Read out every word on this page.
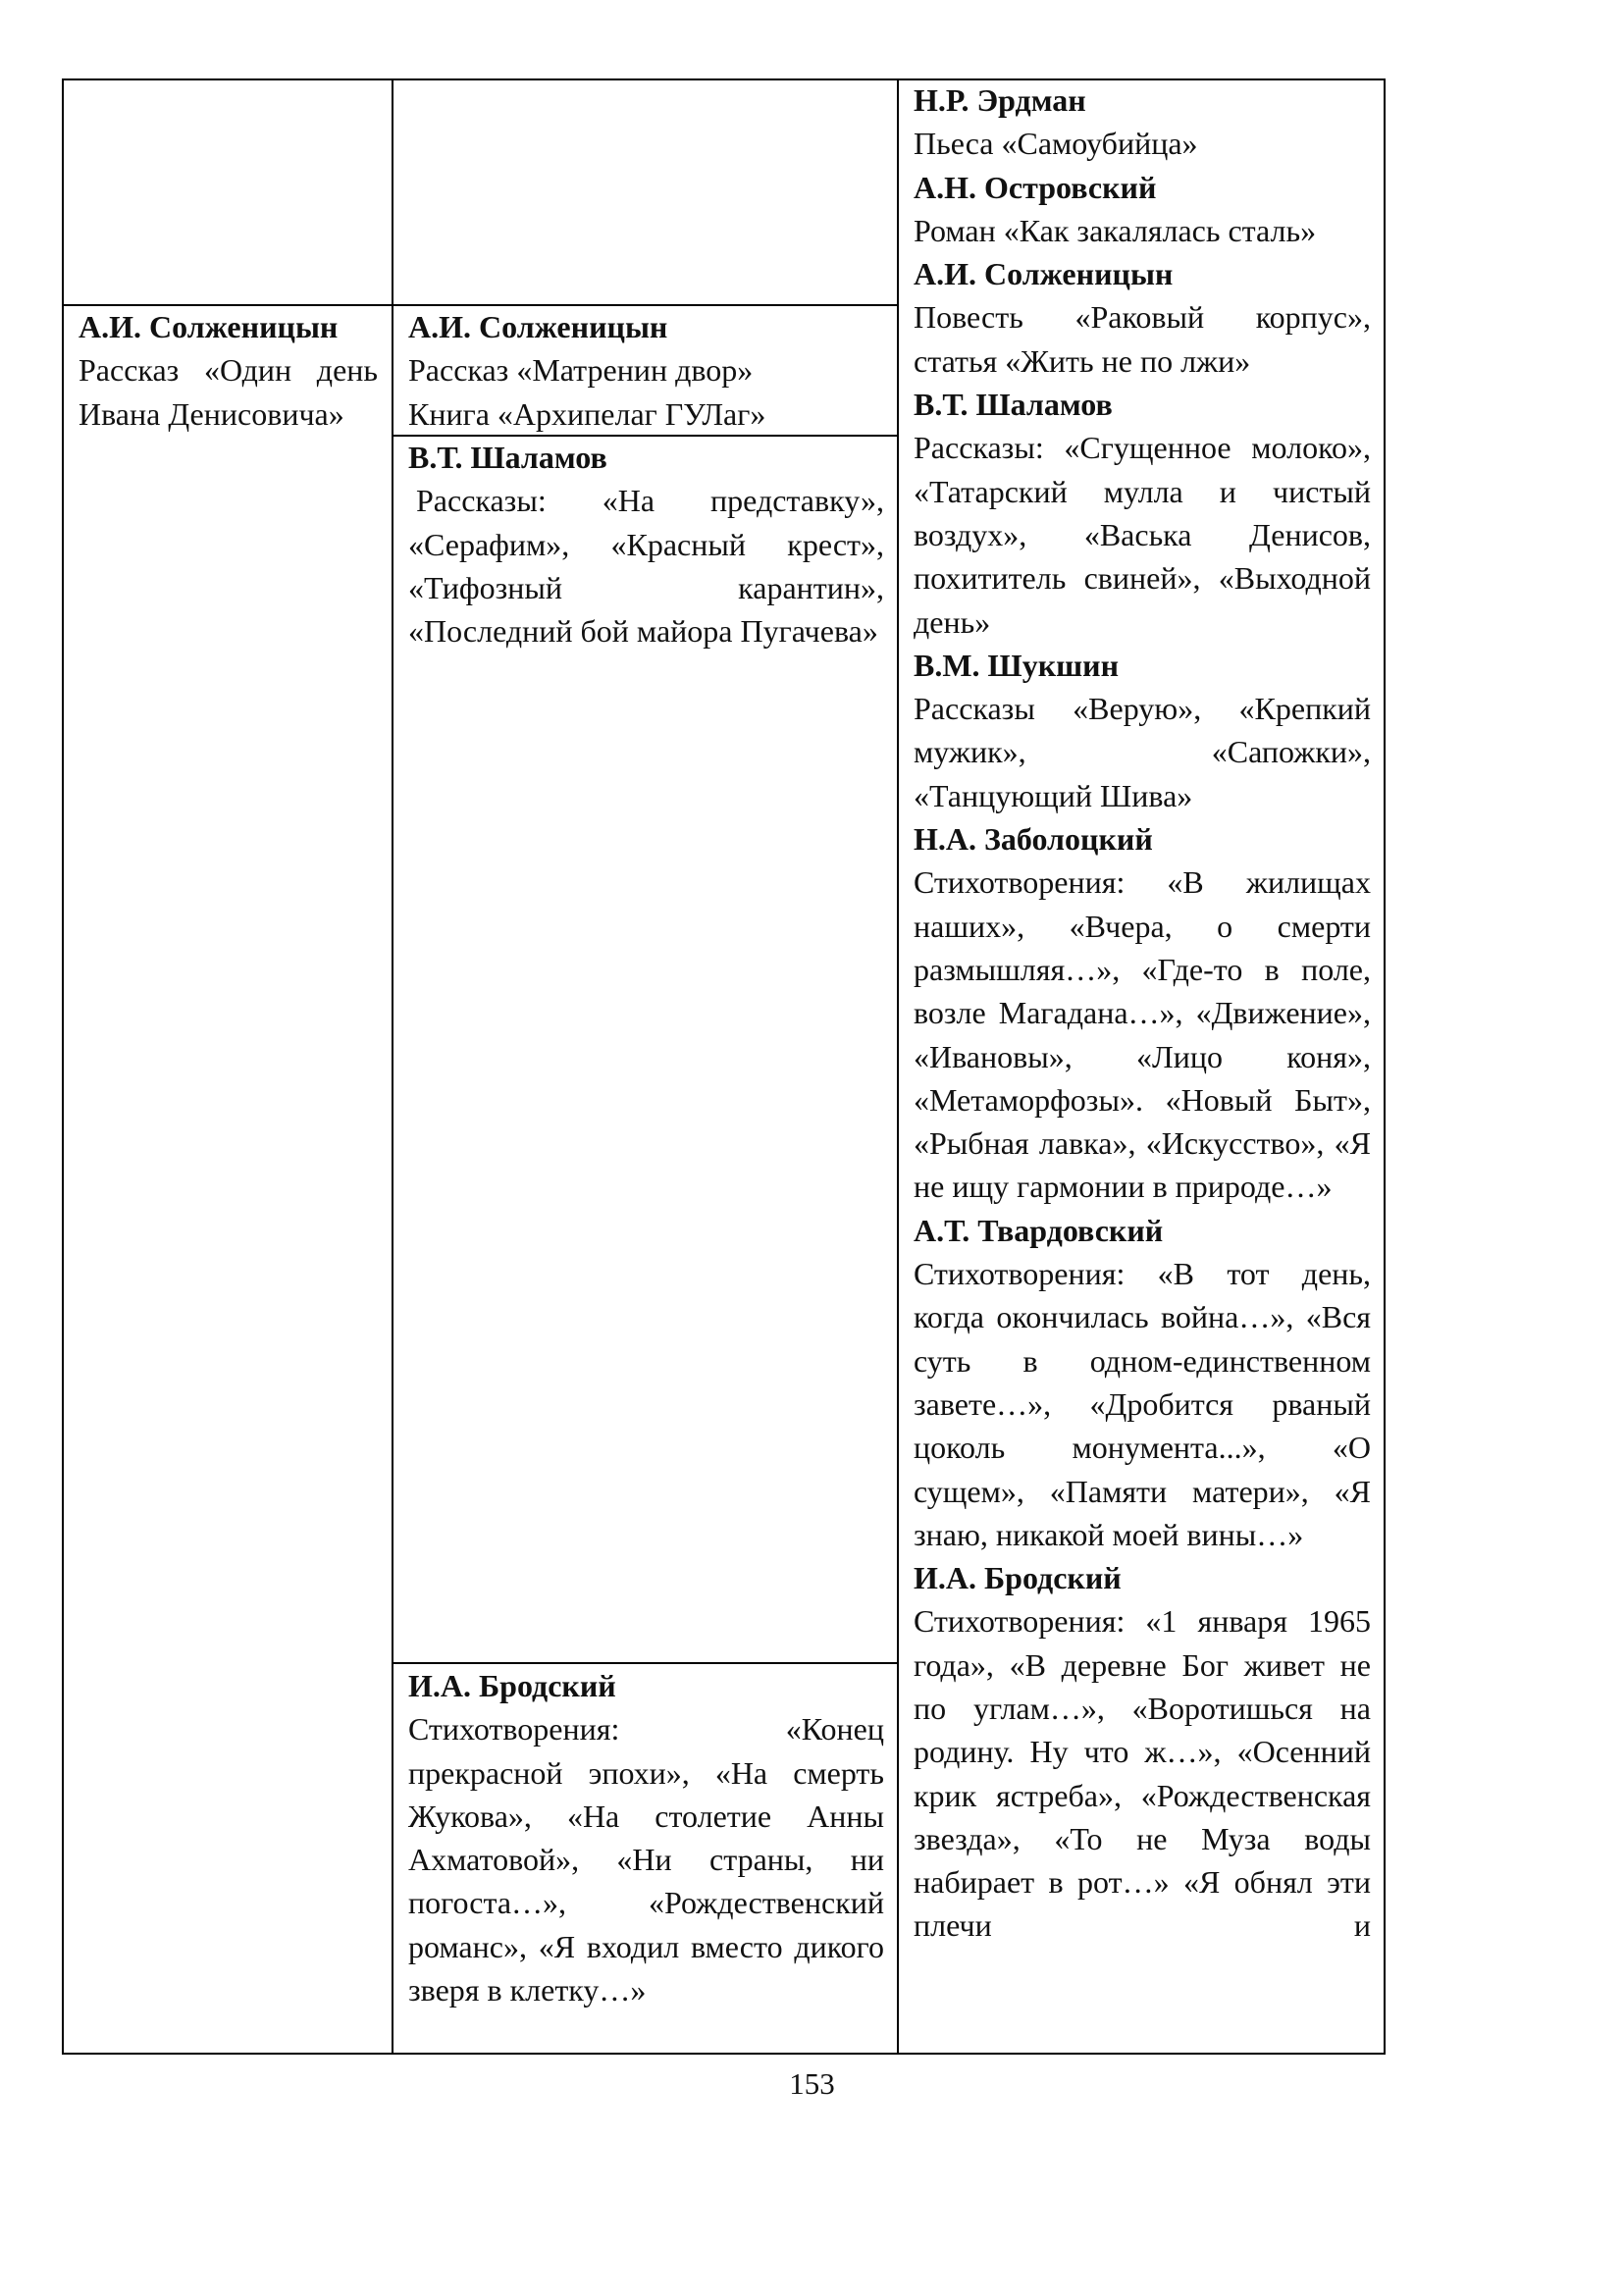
А.И. Солженицын
Рассказ «Один день Ивана Денисовича»
А.И. Солженицын
Рассказ «Матренин двор»
Книга «Архипелаг ГУЛаг»
В.Т. Шаламов
Рассказы: «На представку», «Серафим», «Красный крест», «Тифозный карантин», «Последний бой майора Пугачева»
И.А. Бродский
Стихотворения: «Конец прекрасной эпохи», «На смерть Жукова», «На столетие Анны Ахматовой», «Ни страны, ни погоста…», «Рождественский романс», «Я входил вместо дикого зверя в клетку…»
Н.Р. Эрдман
Пьеса «Самоубийца»
А.Н. Островский
Роман «Как закалялась сталь»
А.И. Солженицын
Повесть «Раковый корпус», статья «Жить не по лжи»
В.Т. Шаламов
Рассказы: «Сгущенное молоко», «Татарский мулла и чистый воздух», «Васька Денисов, похититель свиней», «Выходной день»
В.М. Шукшин
Рассказы «Верую», «Крепкий мужик», «Сапожки», «Танцующий Шива»
Н.А. Заболоцкий
Стихотворения: «В жилищах наших», «Вчера, о смерти размышляя…», «Где-то в поле, возле Магадана…», «Движение», «Ивановы», «Лицо коня», «Метаморфозы». «Новый Быт», «Рыбная лавка», «Искусство», «Я не ищу гармонии в природе…»
А.Т. Твардовский
Стихотворения: «В тот день, когда окончилась война…», «Вся суть в одном-единственном завете…», «Дробится рваный цоколь монумента...», «О сущем», «Памяти матери», «Я знаю, никакой моей вины…»
И.А. Бродский
Стихотворения: «1 января 1965 года», «В деревне Бог живет не по углам…», «Воротишься на родину. Ну что ж…», «Осенний крик ястреба», «Рождественская звезда», «То не Муза воды набирает в рот…» «Я обнял эти плечи и
153
